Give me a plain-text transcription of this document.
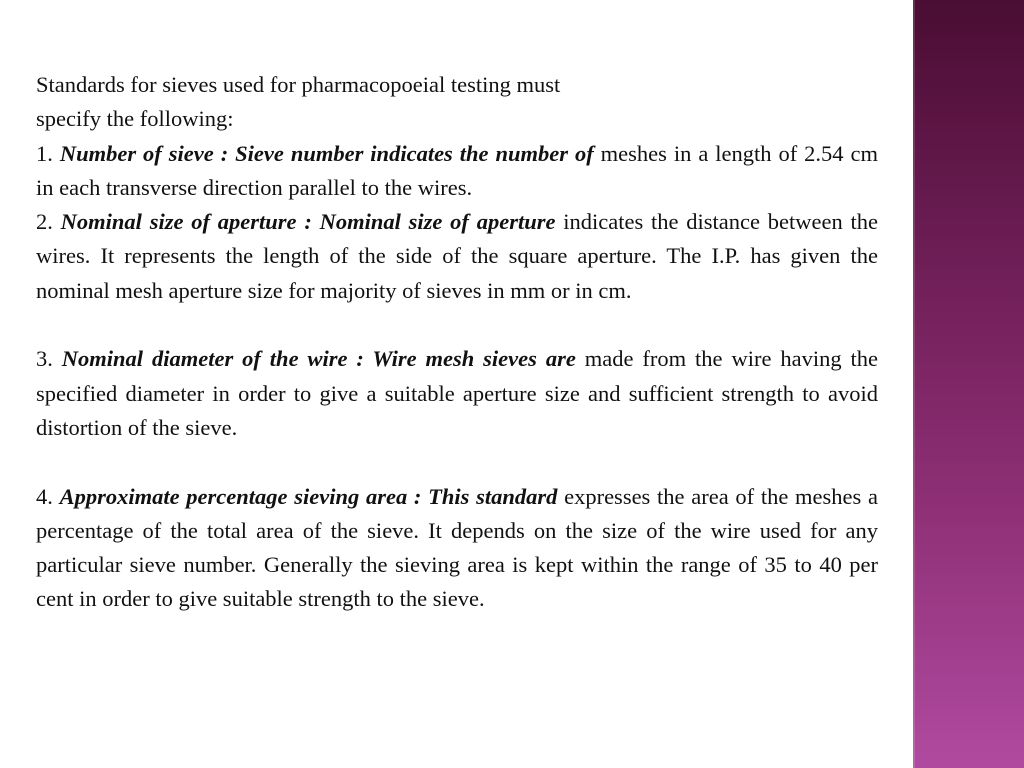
Standards for sieves used for pharmacopoeial testing must

specify the following:

1. Number of sieve : Sieve number indicates the number of meshes in a length of 2.54 cm in each transverse direction parallel to the wires.

2. Nominal size of aperture : Nominal size of aperture indicates the distance between the wires. It represents the length of the side of the square aperture. The I.P. has given the nominal mesh aperture size for majority of sieves in mm or in cm.

3. Nominal diameter of the wire : Wire mesh sieves are made from the wire having the specified diameter in order to give a suitable aperture size and sufficient strength to avoid distortion of the sieve.

4. Approximate percentage sieving area : This standard expresses the area of the meshes a percentage of the total area of the sieve. It depends on the size of the wire used for any particular sieve number. Generally the sieving area is kept within the range of 35 to 40 per cent in order to give suitable strength to the sieve.
